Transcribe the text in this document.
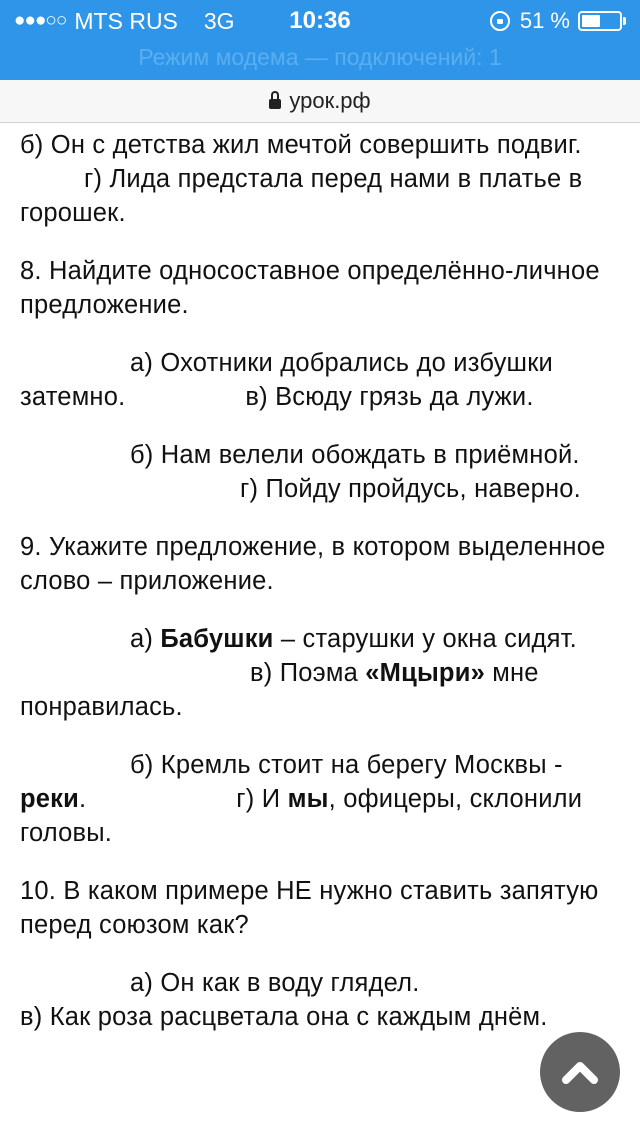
●●●○○ MTS RUS 3G	10:36	51 %
Режим модема — подключений: 1
урок.рф

б) Он с детства жил мечтой совершить подвиг.г) Лида предстала перед нами в платье в горошек.

8. Найдите односоставное определённо-личное предложение.

а) Охотники добрались до избушки затемно.	в) Всюду грязь да лужи.

б) Нам велели обождать в приёмной.г) Пойду пройдусь, наверно.

9. Укажите предложение, в котором выделенное слово – приложение.

а) Бабушки – старушки у окна сидят.в) Поэма «Мцыри» мне понравилась.

б) Кремль стоит на берегу Москвы - реки.	г) И мы, офицеры, склонили головы.

10. В каком примере НЕ нужно ставить запятую перед союзом как?

а) Он как в воду глядел.
в) Как роза расцветала она с каждым днём.
